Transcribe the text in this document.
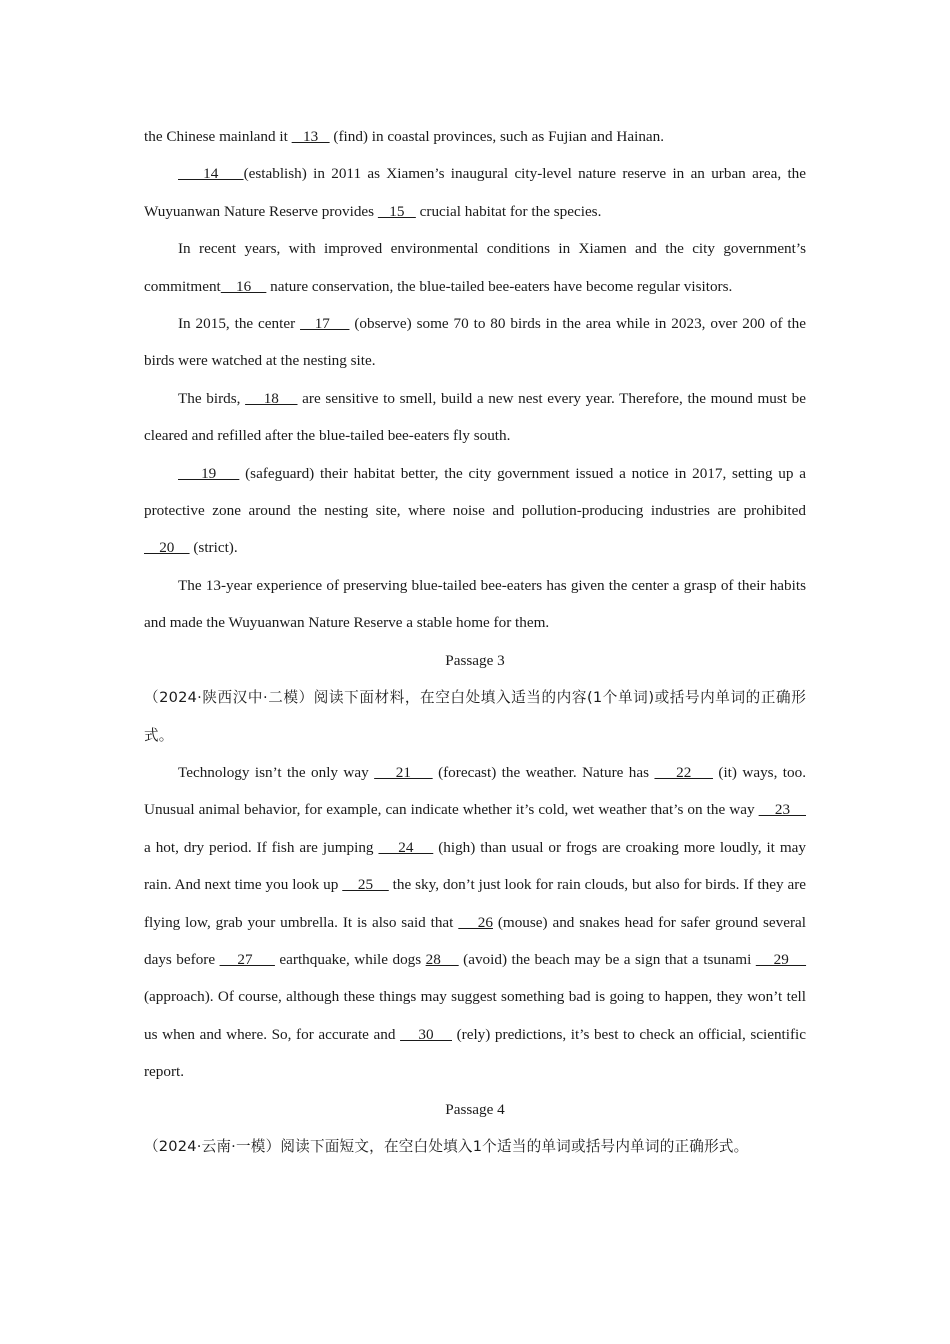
the Chinese mainland it    13    (find) in coastal provinces, such as Fujian and Hainan.

14    (establish) in 2011 as Xiamen’s inaugural city-level nature reserve in an urban area, the Wuyuanwan Nature Reserve provides    15    crucial habitat for the species.

In recent years, with improved environmental conditions in Xiamen and the city government’s commitment    16     nature conservation, the blue-tailed bee-eaters have become regular visitors.

In 2015, the center    17     (observe) some 70 to 80 birds in the area while in 2023, over 200 of the birds were watched at the nesting site.

The birds,     18     are sensitive to smell, build a new nest every year. Therefore, the mound must be cleared and refilled after the blue-tailed bee-eaters fly south.

19     (safeguard) their habitat better, the city government issued a notice in 2017, setting up a protective zone around the nesting site, where noise and pollution-producing industries are prohibited     20     (strict).

The 13-year experience of preserving blue-tailed bee-eaters has given the center a grasp of their habits and made the Wuyuanwan Nature Reserve a stable home for them.

Passage 3

（2024·陕西汉中·二模）阅读下面材料，在空白处填入适当的内容(1个单词)或括号内单词的正确形式。

Technology isn’t the only way     21     (forecast) the weather. Nature has     22     (it) ways, too. Unusual animal behavior, for example, can indicate whether it’s cold, wet weather that’s on the way     23     a hot, dry period. If fish are jumping     24     (high) than usual or frogs are croaking more loudly, it may rain. And next time you look up     25     the sky, don’t just look for rain clouds, but also for birds. If they are flying low, grab your umbrella. It is also said that     26 (mouse) and snakes head for safer ground several days before     27      earthquake, while dogs 28     (avoid) the beach may be a sign that a tsunami     29     (approach). Of course, although these things may suggest something bad is going to happen, they won’t tell us when and where. So, for accurate and     30     (rely) predictions, it’s best to check an official, scientific report.

Passage 4

（2024·云南·一模）阅读下面短文，在空白处填入1个适当的单词或括号内单词的正确形式。
